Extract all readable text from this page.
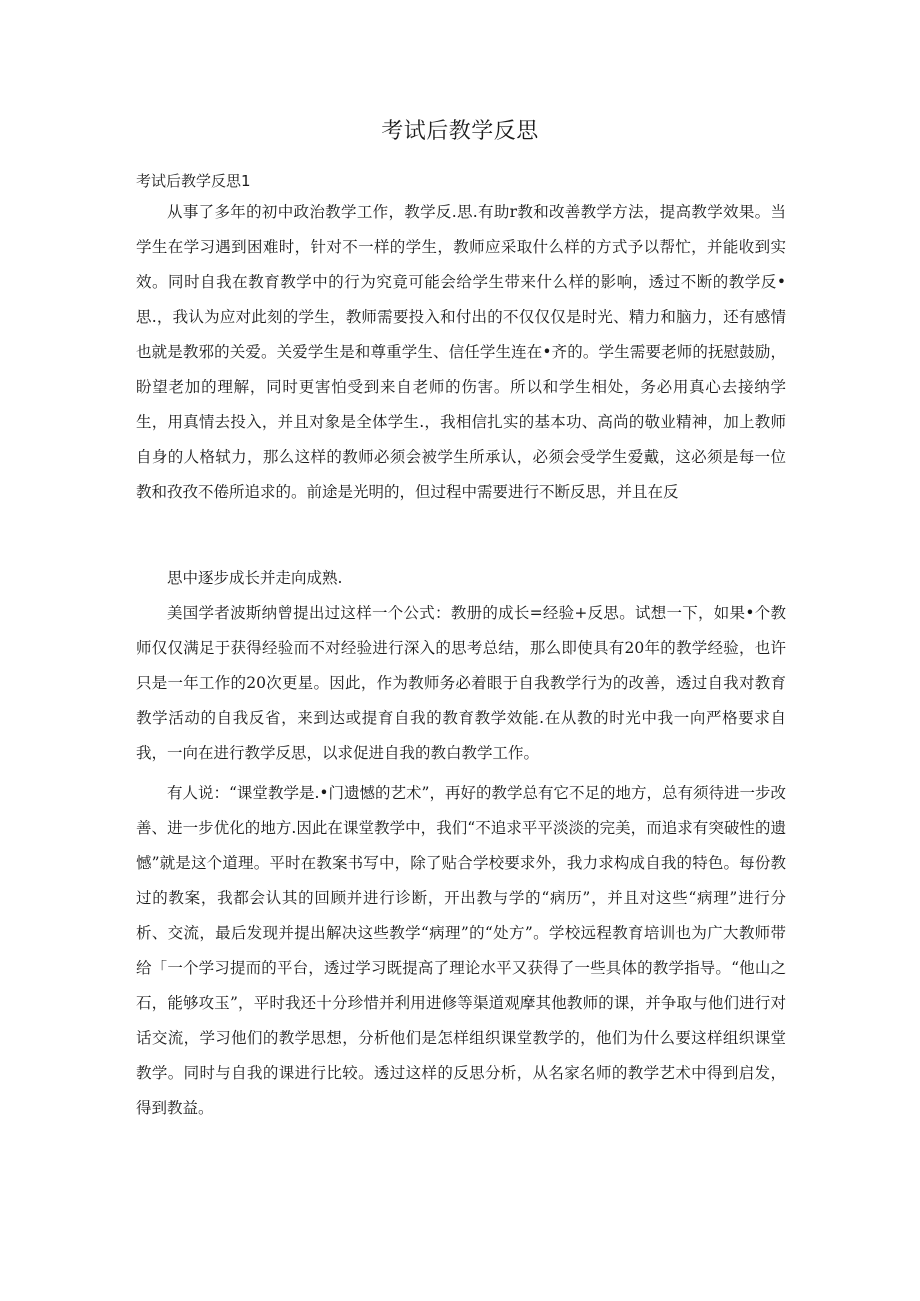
考试后教学反思
考试后教学反思1

从事了多年的初中政治教学工作，教学反.思.有助r教和改善教学方法，提高教学效果。当学生在学习遇到困难时，针对不一样的学生，教师应采取什么样的方式予以帮忙，并能收到实效。同时自我在教育教学中的行为究竟可能会给学生带来什么样的影响，透过不断的教学反•思.，我认为应对此刻的学生，教师需要投入和付出的不仅仅仅是时光、精力和脑力，还有感情也就是教邪的关爱。关爱学生是和尊重学生、信任学生连在•齐的。学生需要老师的抚慰鼓励，盼望老加的理解，同时更害怕受到来自老师的伤害。所以和学生相处，务必用真心去接纳学生，用真情去投入，并且对象是全体学生.，我相信扎实的基本功、高尚的敬业精神，加上教师自身的人格轼力，那么这样的教师必须会被学生所承认，必须会受学生爱戴，这必须是每一位教和孜孜不倦所追求的。前途是光明的，但过程中需要进行不断反思，并且在反

思中逐步成长并走向成熟.

美国学者波斯纳曾提出过这样一个公式：教册的成长=经验+反思。试想一下，如果•个教师仅仅满足于获得经验而不对经验进行深入的思考总结，那么即使具有20年的教学经验，也许只是一年工作的20次更星。因此，作为教师务必着眼于自我教学行为的改善，透过自我对教育教学活动的自我反省，来到达或提育自我的教育教学效能.在从教的时光中我一向严格要求自我，一向在进行教学反思，以求促进自我的教白教学工作。

有人说：“课堂教学是.•门遗憾的艺术”，再好的教学总有它不足的地方，总有须待进一步改善、进一步优化的地方.因此在课堂教学中，我们“不追求平平淡淡的完美，而追求有突破性的遗憾”就是这个道理。平时在教案书写中，除了贴合学校要求外，我力求构成自我的特色。每份教过的教案，我都会认其的回顾并进行诊断，开出教与学的“病历”，并且对这些“病理”进行分析、交流，最后发现并提出解决这些教学“病理”的“处方”。学校远程教育培训也为广大教师带给「一个学习提而的平台，透过学习既提高了理论水平又获得了一些具体的教学指导。“他山之石，能够攻玉”，平时我还十分珍惜并利用进修等渠道观摩其他教师的课，并争取与他们进行对话交流，学习他们的教学思想，分析他们是怎样组织课堂教学的，他们为什么要这样组织课堂教学。同时与自我的课进行比较。透过这样的反思分析，从名家名师的教学艺术中得到启发，得到教益。
